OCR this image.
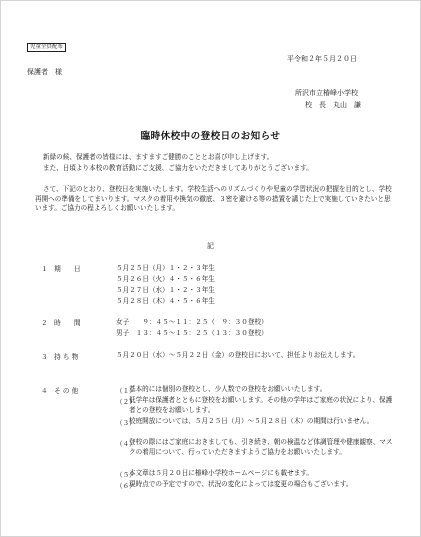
児童全員配布
平令和２年５月２０日
保護者　様
所沢市立椿峰小学校
校　長　丸山　謙
臨時休校中の登校日のお知らせ
新緑の候、保護者の皆様には、ますますご健勝のこととお喜び申し上げます。
また、日頃より本校の教育活動にご支援、ご協力をいただきましてありがとうございます。
さて、下記のとおり、登校日を実施いたします。学校生活へのリズムづくりや児童の学習状況の把握を目的とし、学校再開への準備をしてまいります。マスクの着用や換気の徹底、３密を避ける等の措置を講じた上で実施していきたいと思います。ご協力の程よろしくお願いいたします。
記
１　期　　日	５月２５日（月）１・２・３年生
５月２６日（火）４・５・６年生
５月２７日（水）１・２・３年生
５月２８日（木）４・５・６年生
２　時　　間	女子　　９：４５～１１：２５（　９：３０登校）
男子　１３：４５～１５：２５（１３：３０登校）
３　持 ち 物	５月２０日（水）～５月２２日（金）の登校日において、担任よりお伝えします。
４　そ の 他	（１）
基本的には個別の登校とし、少人数での登校をお願いいたします。
（２）
低学年は保護者とともに登校をお願いします。その他の学年はご家庭の状況により、保護者との登校をお願いします。
（３）
校庭開放については、５月２５日（月）～５月２８日（木）の期間は行いません。
（４）
登校の際にはご家庭におきましても、引き続き、朝の検温など体調管理や健康観察、マスクの着用について、行っていただきますようご協力をお願いいたします。
（５）
本文章は５月２０日に椿峰小学校ホームページにも載せます。
（６）
現時点での予定ですので、状況の変化によっては変更の場合もございます。
